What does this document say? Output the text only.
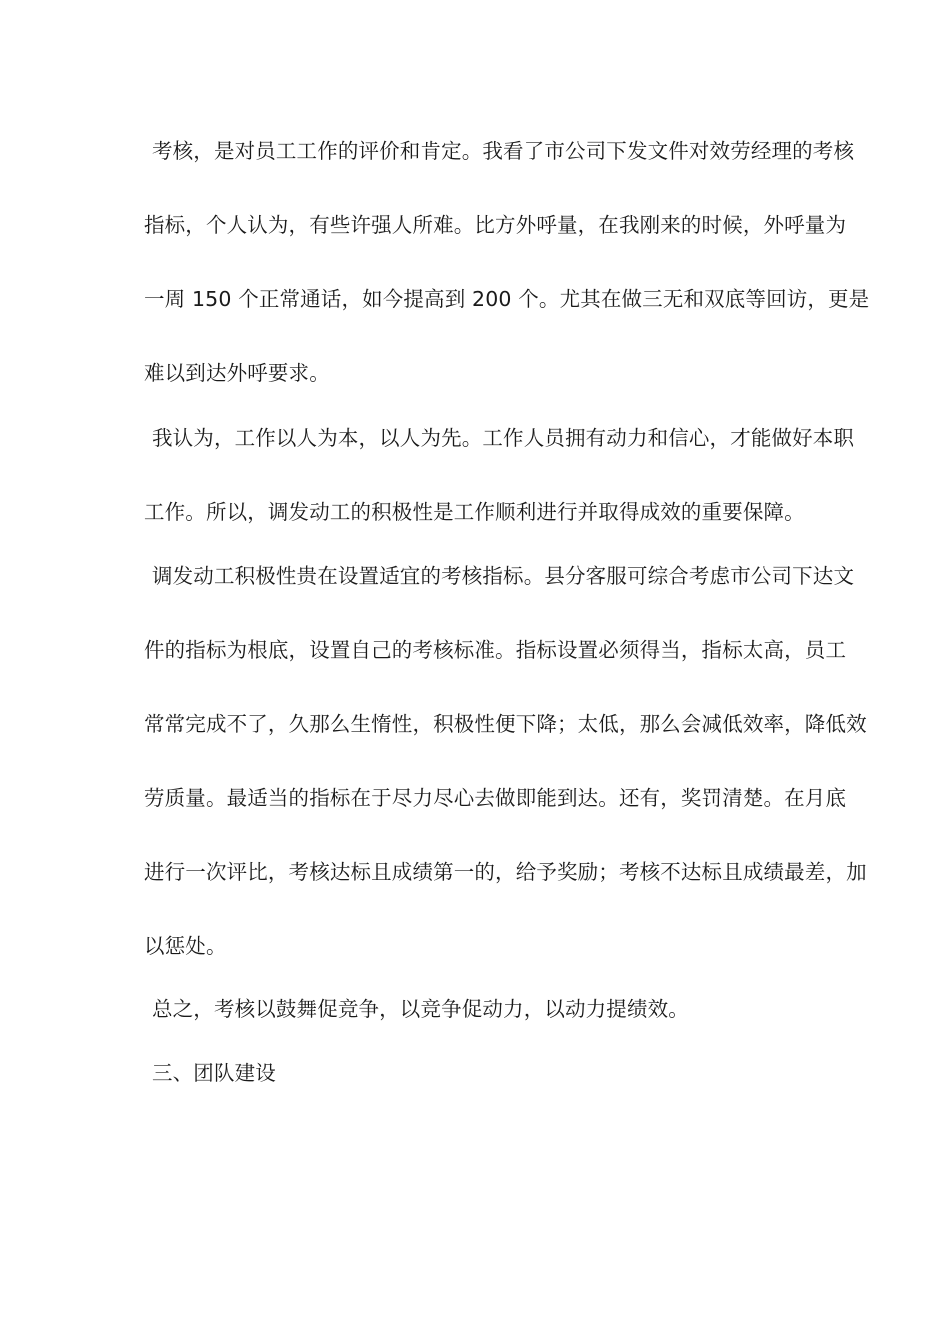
考核，是对员工工作的评价和肯定。我看了市公司下发文件对效劳经理的考核

指标，个人认为，有些许强人所难。比方外呼量，在我刚来的时候，外呼量为

一周 150 个正常通话，如今提高到 200 个。尤其在做三无和双底等回访，更是

难以到达外呼要求。

我认为，工作以人为本，以人为先。工作人员拥有动力和信心，才能做好本职

工作。所以，调发动工的积极性是工作顺利进行并取得成效的重要保障。

调发动工积极性贵在设置适宜的考核指标。县分客服可综合考虑市公司下达文

件的指标为根底，设置自己的考核标准。指标设置必须得当，指标太高，员工

常常完成不了，久那么生惰性，积极性便下降；太低，那么会减低效率，降低效

劳质量。最适当的指标在于尽力尽心去做即能到达。还有，奖罚清楚。在月底

进行一次评比，考核达标且成绩第一的，给予奖励；考核不达标且成绩最差，加

以惩处。

总之，考核以鼓舞促竞争，以竞争促动力，以动力提绩效。

三、团队建设
